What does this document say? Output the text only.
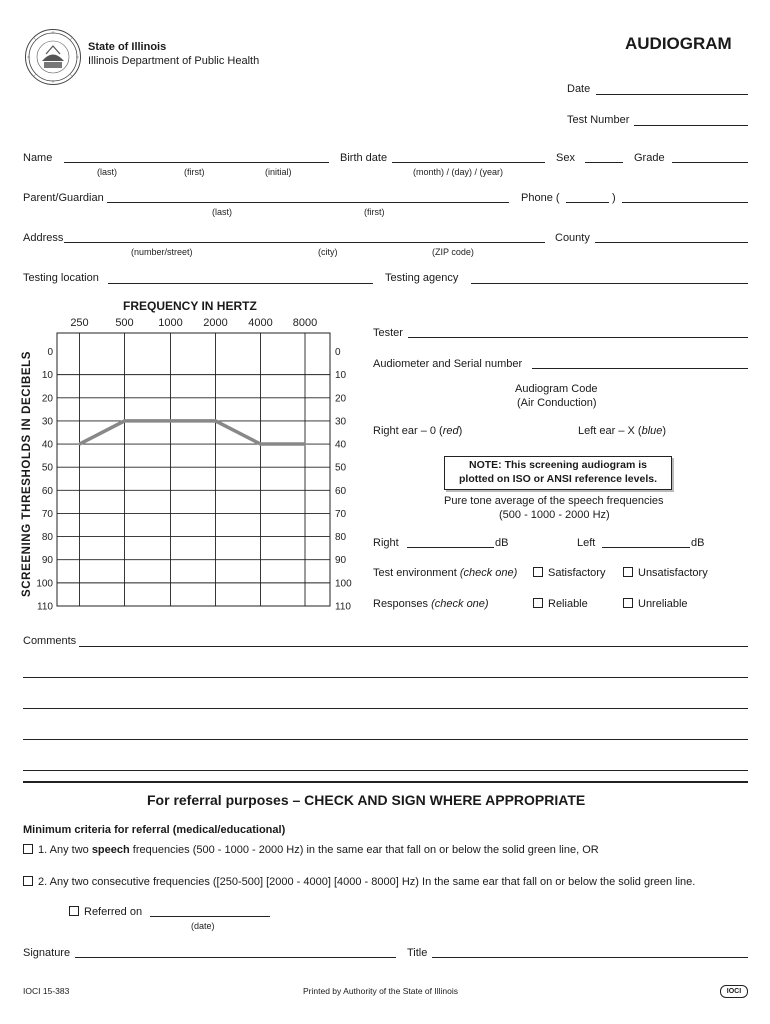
State of Illinois
Illinois Department of Public Health
AUDIOGRAM
Date
Test Number
Name
(last)	(first)	(initial)
Birth date
(month) / (day) / (year)
Sex	Grade
Parent/Guardian
(last)	(first)
Phone (	)
Address
(number/street)	(city)	(ZIP code)
County
Testing location	Testing agency
FREQUENCY IN HERTZ
SCREENING THRESHOLDS IN DECIBELS 0	0
10	10
20	20
30	30
40	40
50	50
60	60
70	70
80	80
90	90
100	100
110	110
250 500 1000 2000 4000 8000
Tester
Audiometer and Serial number
Audiogram Code
(Air Conduction)
Right ear – 0 (red)	Left ear – X (blue)
NOTE: This screening audiogram is
plotted on ISO or ANSI reference levels.
Pure tone average of the speech frequencies
(500 - 1000 - 2000 Hz)
Right	dB	Left	dB
Test environment (check one)	Satisfactory	Unsatisfactory
Responses (check one)	Reliable	Unreliable
Comments
For referral purposes – CHECK AND SIGN WHERE APPROPRIATE
Minimum criteria for referral (medical/educational)
1. Any two speech frequencies (500 - 1000 - 2000 Hz) in the same ear that fall on or below the solid green line, OR
2. Any two consecutive frequencies ([250-500] [2000 - 4000] [4000 - 8000] Hz) In the same ear that fall on or below the solid green line.
Referred on
(date)
Signature	Title
IOCI 15-383	Printed by Authority of the State of Illinois	IOCI
